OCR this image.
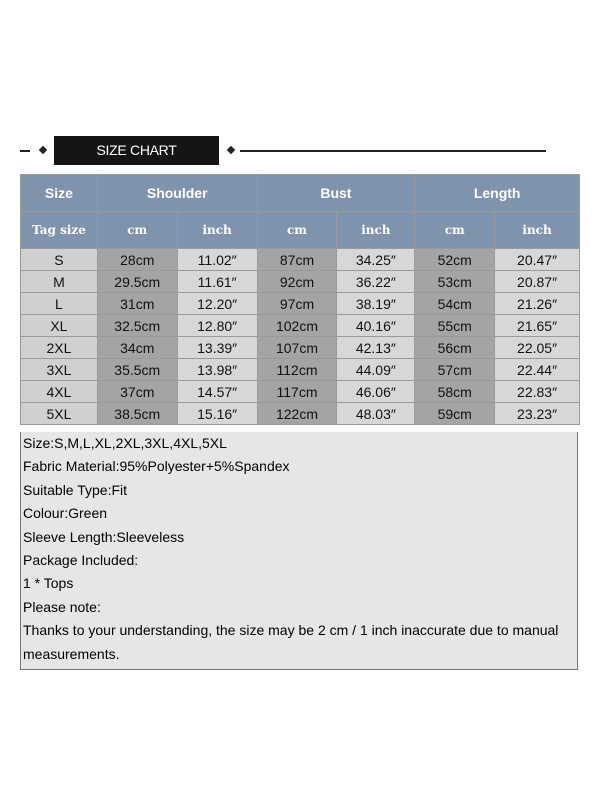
SIZE CHART
Size	Shoulder		Bust		Length	
Tag size	cm	inch	cm	inch	cm	inch
S	28cm	11.02″	87cm	34.25″	52cm	20.47″
M	29.5cm	11.61″	92cm	36.22″	53cm	20.87″
L	31cm	12.20″	97cm	38.19″	54cm	21.26″
XL	32.5cm	12.80″	102cm	40.16″	55cm	21.65″
2XL	34cm	13.39″	107cm	42.13″	56cm	22.05″
3XL	35.5cm	13.98″	112cm	44.09″	57cm	22.44″
4XL	37cm	14.57″	117cm	46.06″	58cm	22.83″
5XL	38.5cm	15.16″	122cm	48.03″	59cm	23.23″
Size:S,M,L,XL,2XL,3XL,4XL,5XL
Fabric Material:95%Polyester+5%Spandex
Suitable Type:Fit
Colour:Green
Sleeve Length:Sleeveless
Package Included:
1 * Tops
Please note:
Thanks to your understanding, the size may be 2 cm / 1 inch inaccurate due to manual measurements.
